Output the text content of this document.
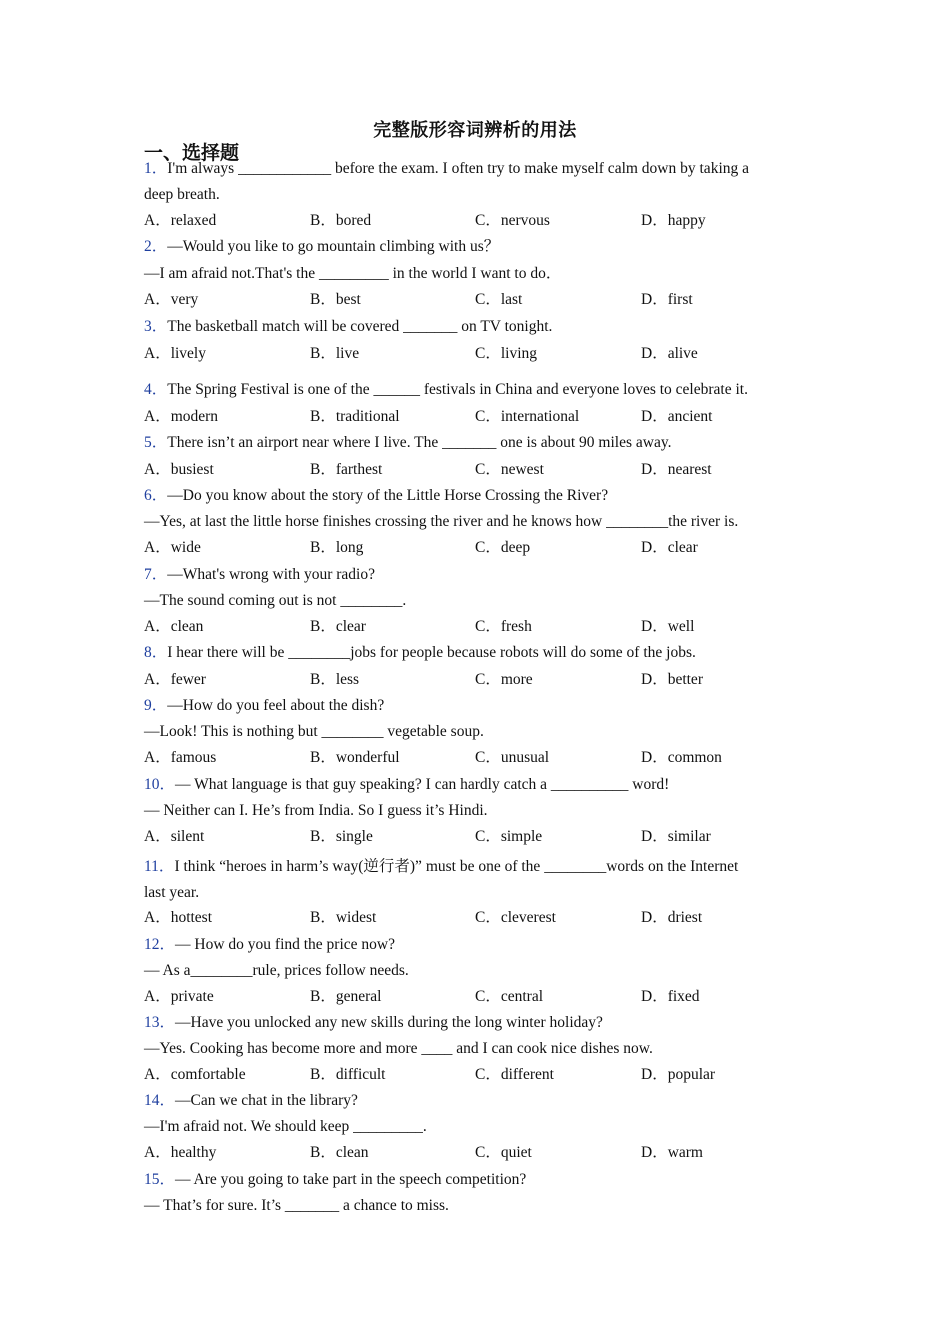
完整版形容词辨析的用法
一、选择题
1．I'm always ____________ before the exam. I often try to make myself calm down by taking a
deep breath.
A．relaxed	B．bored	C．nervous	D．happy
2．—Would you like to go mountain climbing with us？
—I am afraid not.That's the _________ in the world I want to do．
A．very	B．best	C．last	D．first
3．The basketball match will be covered _______ on TV tonight.
A．lively	B．live	C．living	D．alive
4．The Spring Festival is one of the ______ festivals in China and everyone loves to celebrate it.
A．modern	B．traditional	C．international	D．ancient
5．There isn’t an airport near where I live. The _______ one is about 90 miles away.
A．busiest	B．farthest	C．newest	D．nearest
6．—Do you know about the story of the Little Horse Crossing the River?
—Yes, at last the little horse finishes crossing the river and he knows how ________the river is.
A．wide	B．long	C．deep	D．clear
7．—What's wrong with your radio?
—The sound coming out is not ________.
A．clean	B．clear	C．fresh	D．well
8．I hear there will be ________jobs for people because robots will do some of the jobs.
A．fewer	B．less	C．more	D．better
9．—How do you feel about the dish?
—Look! This is nothing but ________ vegetable soup.
A．famous	B．wonderful	C．unusual	D．common
10．— What language is that guy speaking? I can hardly catch a __________ word!
— Neither can I. He’s from India. So I guess it’s Hindi.
A．silent	B．single	C．simple	D．similar
11．I think “heroes in harm’s way(逆行者)” must be one of the ________words on the Internet
last year.
A．hottest	B．widest	C．cleverest	D．driest
12．— How do you find the price now?
— As a________rule, prices follow needs.
A．private	B．general	C．central	D．fixed
13．—Have you unlocked any new skills during the long winter holiday?
—Yes. Cooking has become more and more ____ and I can cook nice dishes now.
A．comfortable	B．difficult	C．different	D．popular
14．—Can we chat in the library?
—I'm afraid not. We should keep _________.
A．healthy	B．clean	C．quiet	D．warm
15．— Are you going to take part in the speech competition?
— That’s for sure. It’s _______ a chance to miss.
